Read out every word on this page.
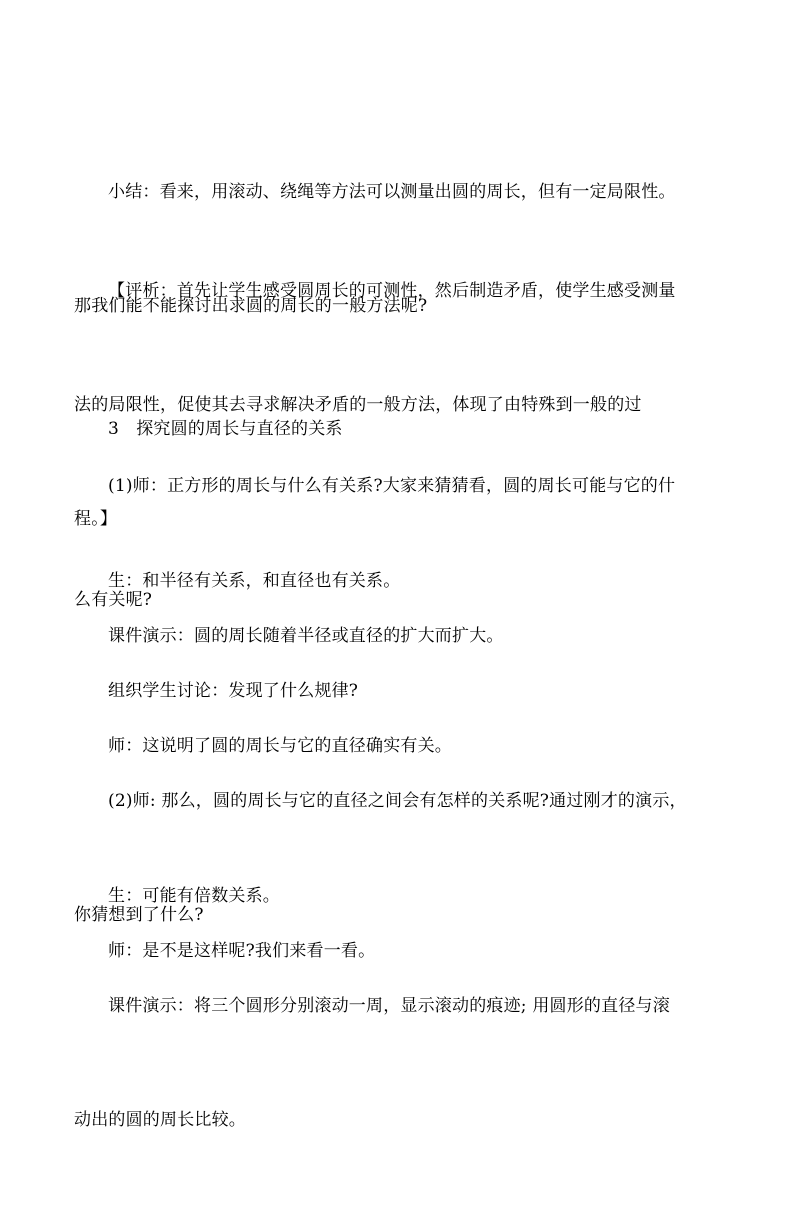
小结：看来，用滚动、绕绳等方法可以测量出圆的周长，但有一定局限性。

那我们能不能探讨出求圆的周长的一般方法呢?

【评析：首先让学生感受圆周长的可测性，然后制造矛盾，使学生感受测量

法的局限性，促使其去寻求解决矛盾的一般方法，体现了由特殊到一般的过

程。】

3　探究圆的周长与直径的关系

(1)师：正方形的周长与什么有关系?大家来猜猜看，圆的周长可能与它的什

么有关呢?

生：和半径有关系，和直径也有关系。

课件演示：圆的周长随着半径或直径的扩大而扩大。

组织学生讨论：发现了什么规律?

师：这说明了圆的周长与它的直径确实有关。

(2)师: 那么，圆的周长与它的直径之间会有怎样的关系呢?通过刚才的演示，

你猜想到了什么?

生：可能有倍数关系。

师：是不是这样呢?我们来看一看。

课件演示：将三个圆形分别滚动一周，显示滚动的痕迹; 用圆形的直径与滚

动出的圆的周长比较。
